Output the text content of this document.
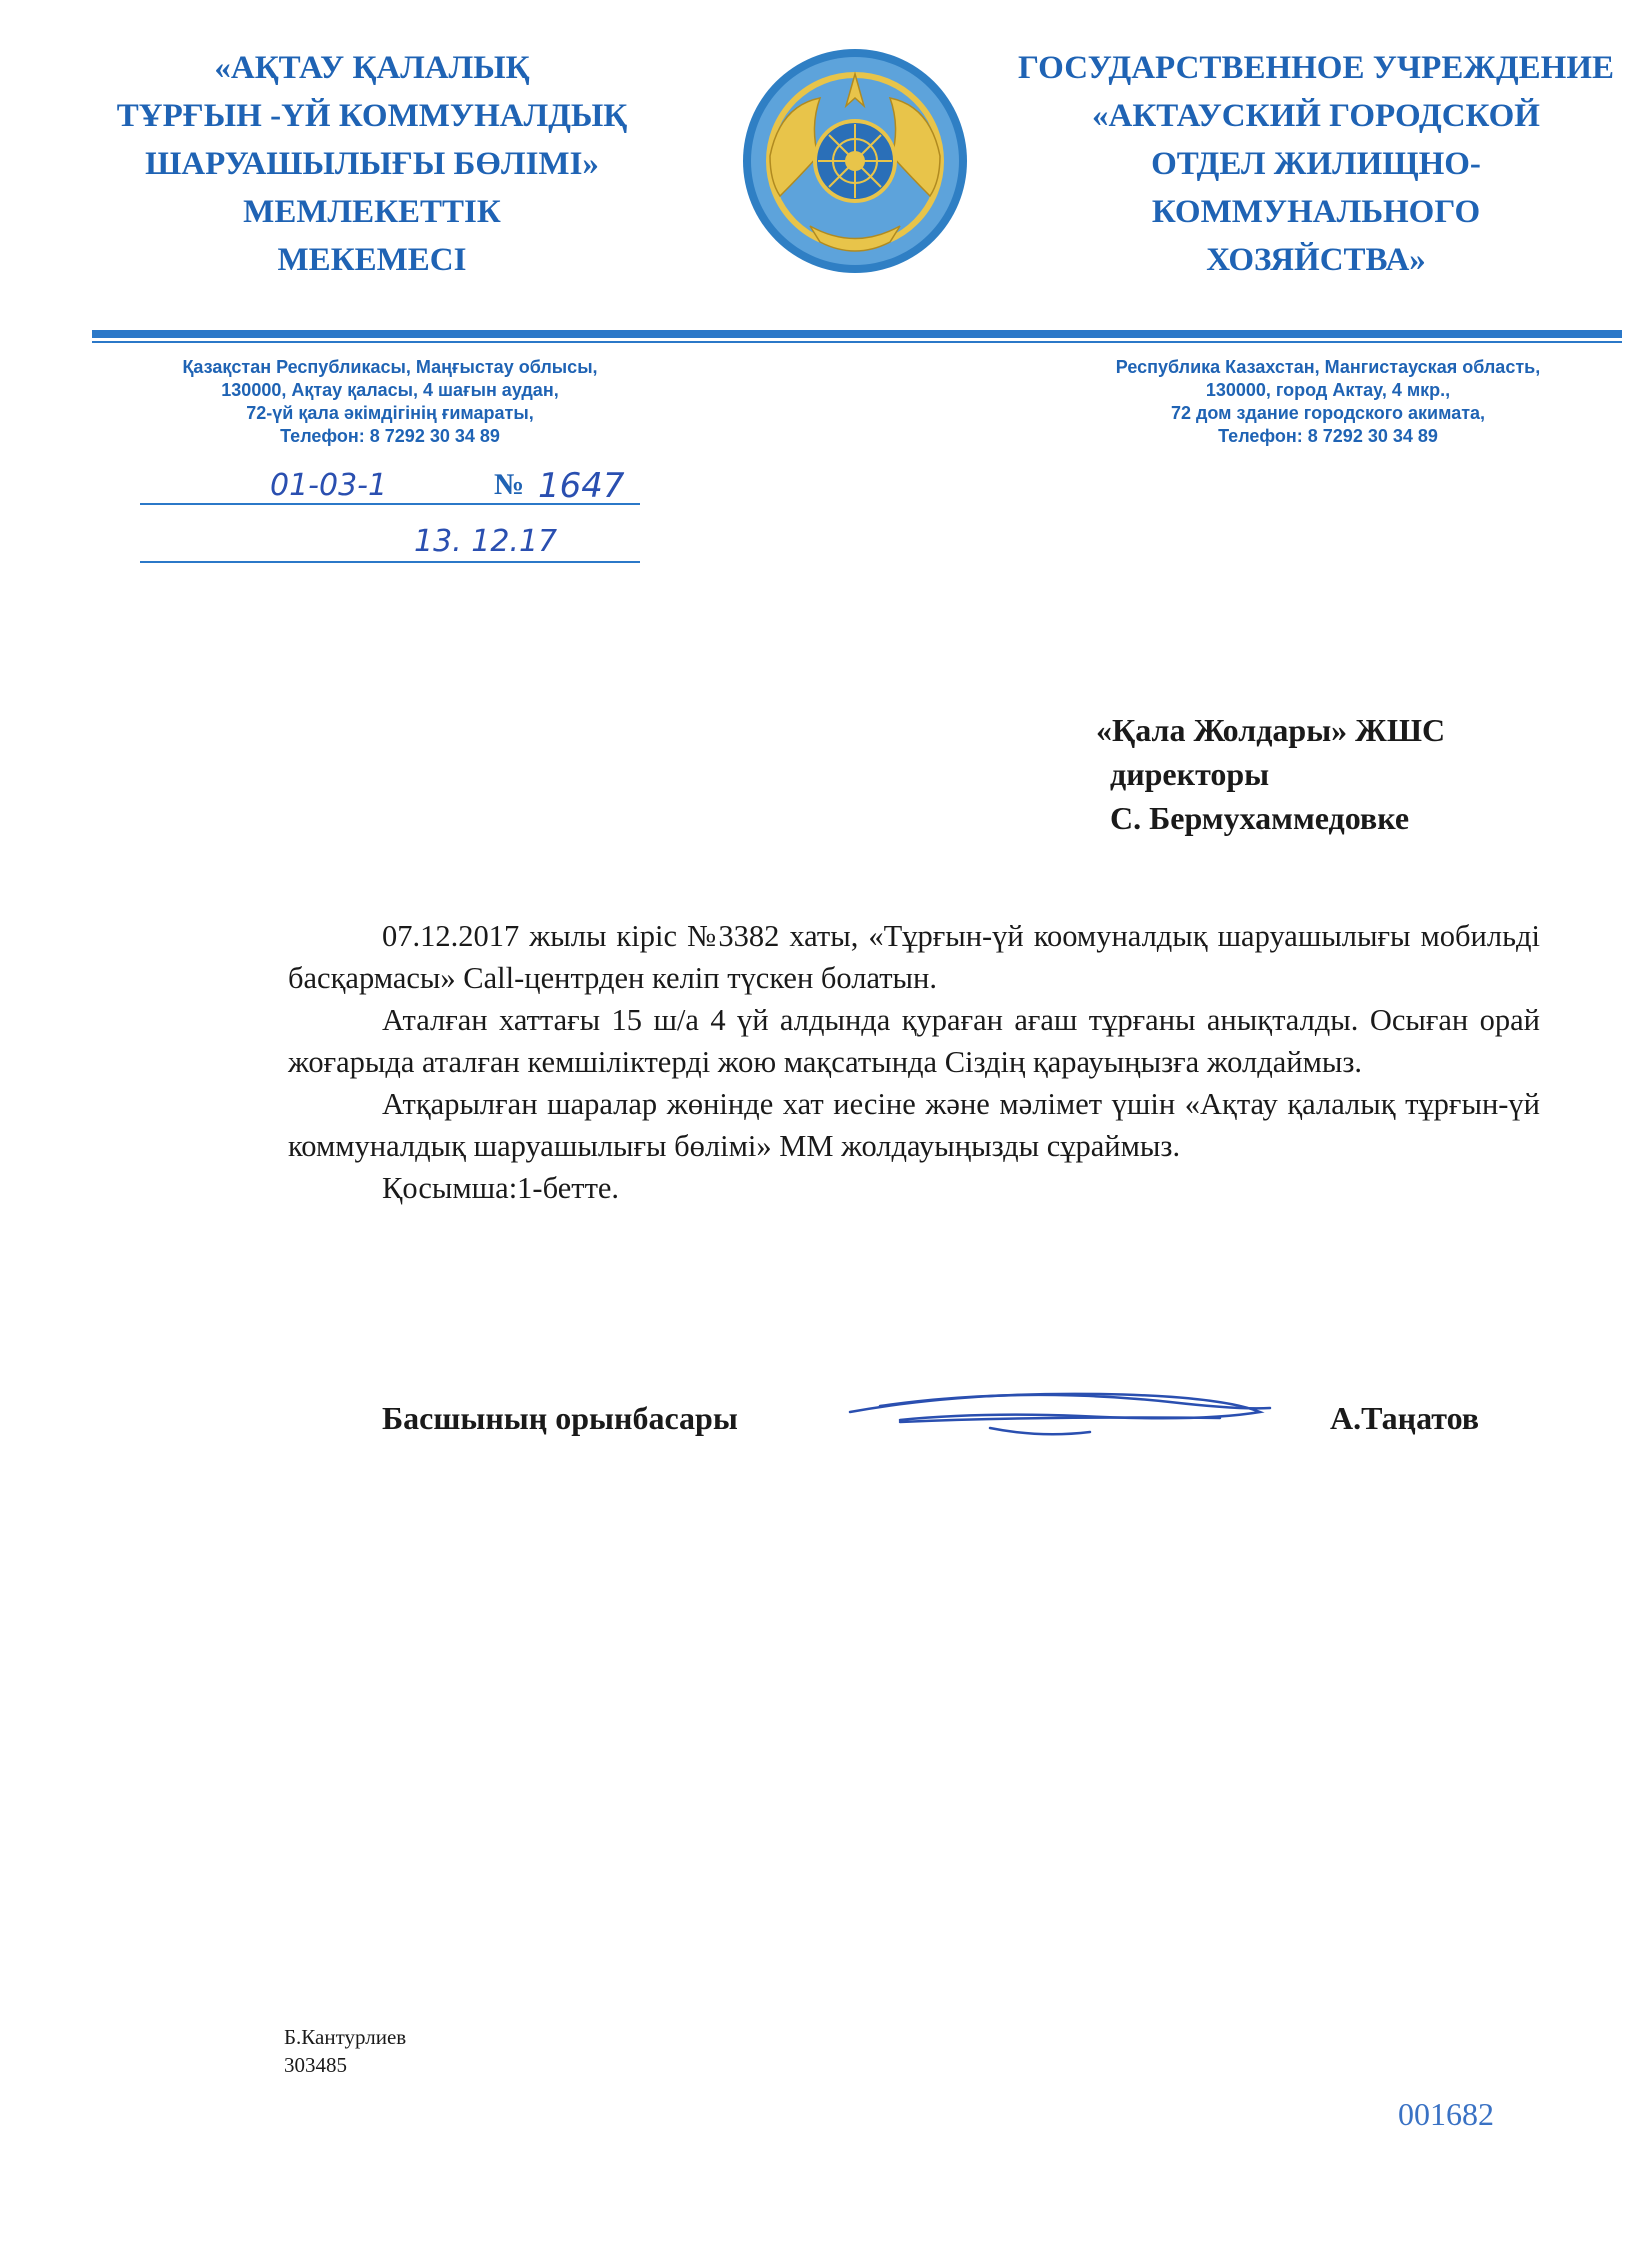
«АҚТАУ ҚАЛАЛЫҚ
ТҰРҒЫН -ҮЙ КОММУНАЛДЫҚ
ШАРУАШЫЛЫҒЫ БӨЛІМІ»
МЕМЛЕКЕТТІК
МЕКЕМЕСІ
ГОСУДАРСТВЕННОЕ УЧРЕЖДЕНИЕ
«АКТАУСКИЙ ГОРОДСКОЙ
ОТДЕЛ ЖИЛИЩНО-
КОММУНАЛЬНОГО
ХОЗЯЙСТВА»
Қазақстан Республикасы, Маңғыстау облысы,
130000, Ақтау қаласы, 4 шағын аудан,
72-үй қала әкімдігінің ғимараты,
Телефон: 8 7292 30 34 89
Республика Казахстан, Мангистауская область,
130000, город Актау, 4 мкр.,
72 дом здание городского акимата,
Телефон: 8 7292 30 34 89
01-03-1	№ 1647
13. 12.17
«Қала Жолдары» ЖШС
директоры
С. Бермухаммедовке

07.12.2017 жылы кіріс №3382 хаты, «Тұрғын-үй коомуналдық шаруашылығы мобильді басқармасы» Call-центрден келіп түскен болатын.

Аталған хаттағы 15 ш/а 4 үй алдында қураған ағаш тұрғаны анықталды. Осыған орай жоғарыда аталған кемшіліктерді жою мақсатында Сіздің қарауыңызға жолдаймыз.

Атқарылған шаралар жөнінде хат иесіне және мәлімет үшін «Ақтау қалалық тұрғын-үй коммуналдық шаруашылығы бөлімі» ММ жолдауыңызды сұраймыз.

Қосымша:1-бетте.

Басшының орынбасары	А.Таңатов
Б.Кантурлиев
303485
001682
